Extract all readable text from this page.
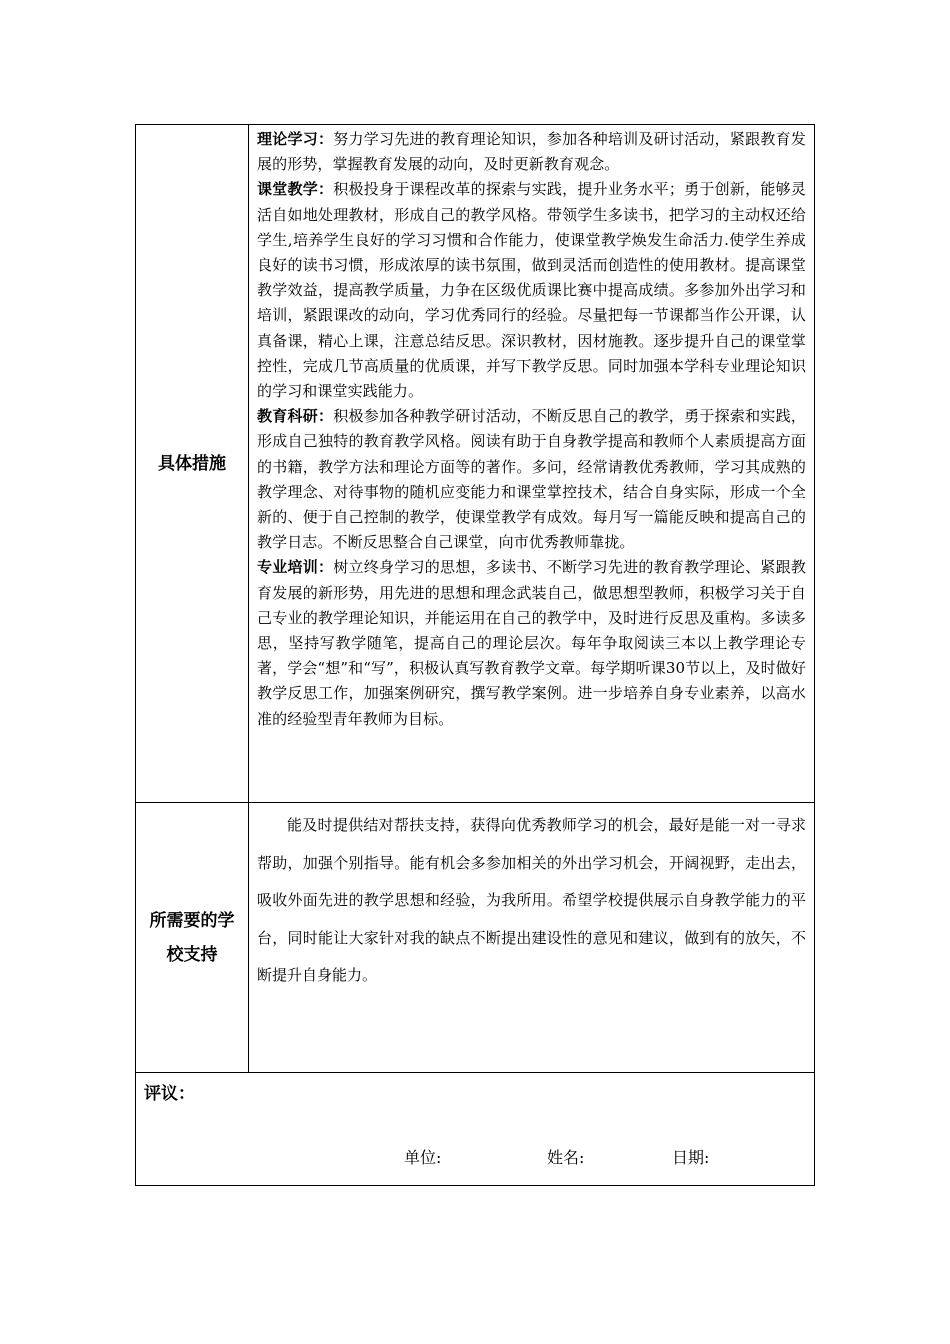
具体措施	理论学习：努力学习先进的教育理论知识，参加各种培训及研讨活动，紧跟教育发展的形势，掌握教育发展的动向，及时更新教育观念。

课堂教学：积极投身于课程改革的探索与实践，提升业务水平；勇于创新，能够灵活自如地处理教材，形成自己的教学风格。带领学生多读书，把学习的主动权还给学生,培养学生良好的学习习惯和合作能力，使课堂教学焕发生命活力.使学生养成良好的读书习惯，形成浓厚的读书氛围，做到灵活而创造性的使用教材。提高课堂教学效益，提高教学质量，力争在区级优质课比赛中提高成绩。多参加外出学习和培训，紧跟课改的动向，学习优秀同行的经验。尽量把每一节课都当作公开课，认真备课，精心上课，注意总结反思。深识教材，因材施教。逐步提升自己的课堂掌控性，完成几节高质量的优质课，并写下教学反思。同时加强本学科专业理论知识的学习和课堂实践能力。

教育科研：积极参加各种教学研讨活动，不断反思自己的教学，勇于探索和实践，形成自己独特的教育教学风格。阅读有助于自身教学提高和教师个人素质提高方面的书籍，教学方法和理论方面等的著作。多问，经常请教优秀教师，学习其成熟的教学理念、对待事物的随机应变能力和课堂掌控技术，结合自身实际，形成一个全新的、便于自己控制的教学，使课堂教学有成效。每月写一篇能反映和提高自己的教学日志。不断反思整合自己课堂，向市优秀教师靠拢。

专业培训：树立终身学习的思想，多读书、不断学习先进的教育教学理论、紧跟教育发展的新形势，用先进的思想和理念武装自己，做思想型教师，积极学习关于自己专业的教学理论知识，并能运用在自己的教学中，及时进行反思及重构。多读多思，坚持写教学随笔，提高自己的理论层次。每年争取阅读三本以上教学理论专著，学会“想”和“写”，积极认真写教育教学文章。每学期听课30节以上，及时做好教学反思工作，加强案例研究，撰写教学案例。进一步培养自身专业素养，以高水准的经验型青年教师为目标。

所需要的学
校支持	能及时提供结对帮扶支持，获得向优秀教师学习的机会，最好是能一对一寻求帮助，加强个别指导。能有机会多参加相关的外出学习机会，开阔视野，走出去，吸收外面先进的教学思想和经验，为我所用。希望学校提供展示自身教学能力的平台，同时能让大家针对我的缺点不断提出建设性的意见和建议，做到有的放矢，不断提升自身能力。

评议：
单位: 姓名: 日期:	
